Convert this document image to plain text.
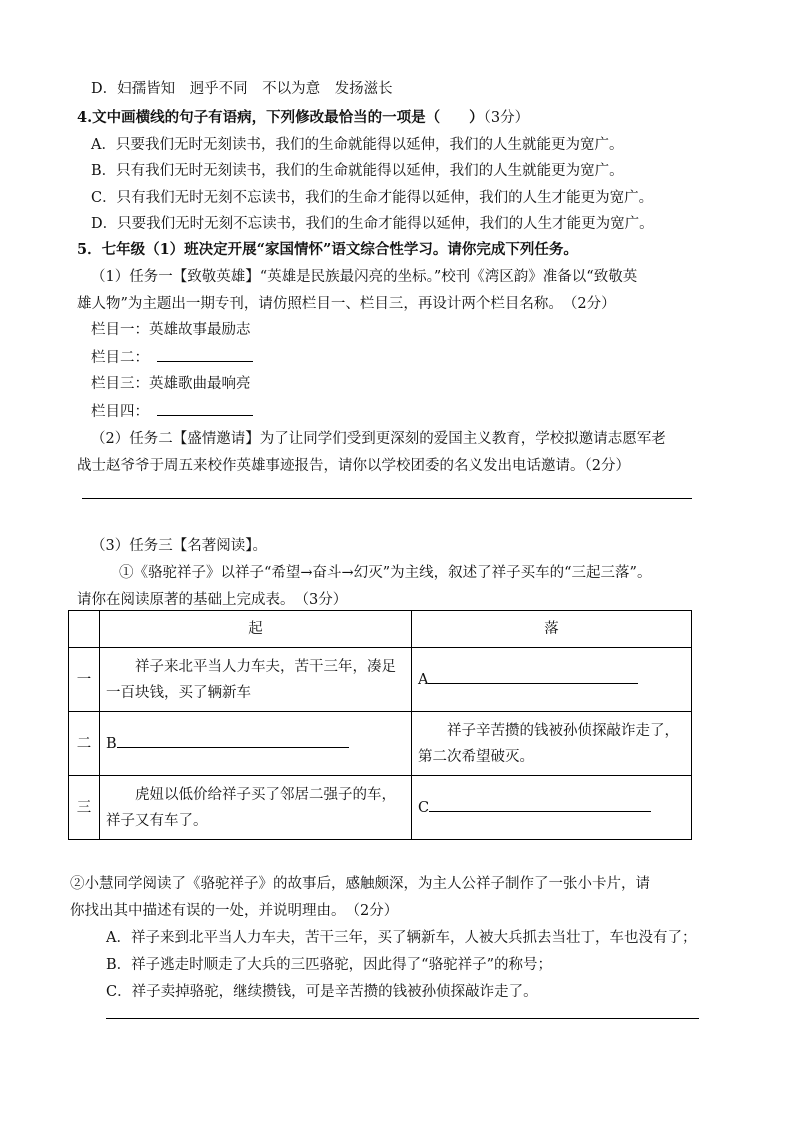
D．妇孺皆知　迥乎不同　不以为意　发扬滋长
4.文中画横线的句子有语病，下列修改最恰当的一项是（　　）（3分）
A．只要我们无时无刻读书，我们的生命就能得以延伸，我们的人生就能更为宽广。
B．只有我们无时无刻读书，我们的生命就能得以延伸，我们的人生就能更为宽广。
C．只有我们无时无刻不忘读书，我们的生命才能得以延伸，我们的人生才能更为宽广。
D．只要我们无时无刻不忘读书，我们的生命才能得以延伸，我们的人生才能更为宽广。
5．七年级（1）班决定开展“家国情怀”语文综合性学习。请你完成下列任务。
（1）任务一【致敬英雄】“英雄是民族最闪亮的坐标。”校刊《湾区韵》准备以“致敬英
雄人物”为主题出一期专刊，请仿照栏目一、栏目三，再设计两个栏目名称。　（2分）
栏目一：英雄故事最励志
栏目二：
栏目三：英雄歌曲最响亮
栏目四：
（2）任务二【盛情邀请】为了让同学们受到更深刻的爱国主义教育，学校拟邀请志愿军老
战士赵爷爷于周五来校作英雄事迹报告，请你以学校团委的名义发出电话邀请。（2分）
（3）任务三【名著阅读】。
①《骆驼祥子》以祥子“希望→奋斗→幻灭”为主线，叙述了祥子买车的“三起三落”。
请你在阅读原著的基础上完成表。　（3分）
	起	落
一	祥子来北平当人力车夫，苦干三年，凑足一百块钱，买了辆新车	A
二	B	祥子辛苦攒的钱被孙侦探敲诈走了，第二次希望破灭。

三	虎妞以低价给祥子买了邻居二强子的车，祥子又有车了。	C
②小慧同学阅读了《骆驼祥子》的故事后，感触颇深，为主人公祥子制作了一张小卡片，请
你找出其中描述有误的一处，并说明理由。　（2分）
A．祥子来到北平当人力车夫，苦干三年，买了辆新车，人被大兵抓去当壮丁，车也没有了；
B．祥子逃走时顺走了大兵的三匹骆驼，因此得了“骆驼祥子”的称号；
C．祥子卖掉骆驼，继续攒钱，可是辛苦攒的钱被孙侦探敲诈走了。
